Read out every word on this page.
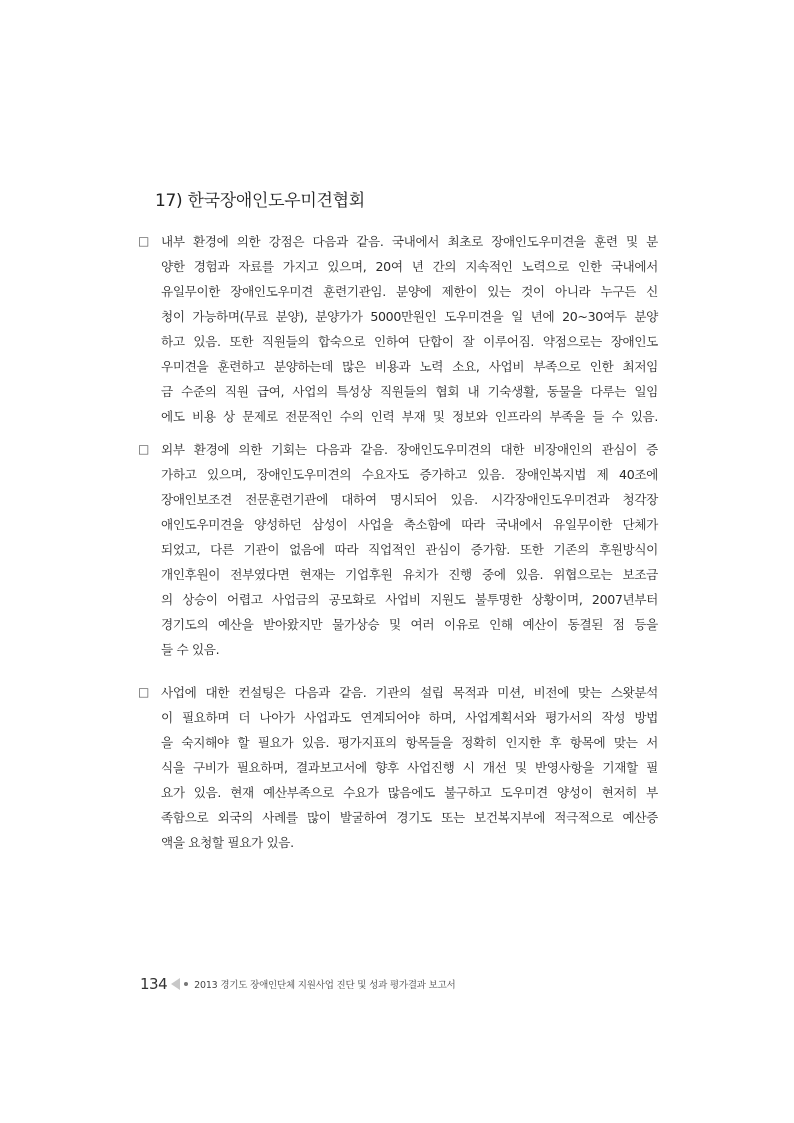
17) 한국장애인도우미견협회
□ 내부 환경에 의한 강점은 다음과 같음. 국내에서 최초로 장애인도우미견을 훈련 및 분
양한 경험과 자료를 가지고 있으며, 20여 년 간의 지속적인 노력으로 인한 국내에서
유일무이한 장애인도우미견 훈련기관임. 분양에 제한이 있는 것이 아니라 누구든 신
청이 가능하며(무료 분양), 분양가가 5000만원인 도우미견을 일 년에 20~30여두 분양
하고 있음. 또한 직원들의 합숙으로 인하여 단합이 잘 이루어짐. 약점으로는 장애인도
우미견을 훈련하고 분양하는데 많은 비용과 노력 소요, 사업비 부족으로 인한 최저임
금 수준의 직원 급여, 사업의 특성상 직원들의 협회 내 기숙생활, 동물을 다루는 일임
에도 비용 상 문제로 전문적인 수의 인력 부재 및 정보와 인프라의 부족을 들 수 있음.
□ 외부 환경에 의한 기회는 다음과 같음. 장애인도우미견의 대한 비장애인의 관심이 증
가하고 있으며, 장애인도우미견의 수요자도 증가하고 있음. 장애인복지법 제 40조에
장애인보조견 전문훈련기관에 대하여 명시되어 있음. 시각장애인도우미견과 청각장
애인도우미견을 양성하던 삼성이 사업을 축소함에 따라 국내에서 유일무이한 단체가
되었고, 다른 기관이 없음에 따라 직업적인 관심이 증가함. 또한 기존의 후원방식이
개인후원이 전부였다면 현재는 기업후원 유치가 진행 중에 있음. 위협으로는 보조금
의 상승이 어렵고 사업금의 공모화로 사업비 지원도 불투명한 상황이며, 2007년부터
경기도의 예산을 받아왔지만 물가상승 및 여러 이유로 인해 예산이 동결된 점 등을
들 수 있음.
□ 사업에 대한 컨설팅은 다음과 같음. 기관의 설립 목적과 미션, 비전에 맞는 스왓분석
이 필요하며 더 나아가 사업과도 연계되어야 하며, 사업계획서와 평가서의 작성 방법
을 숙지해야 할 필요가 있음. 평가지표의 항목들을 정확히 인지한 후 항목에 맞는 서
식을 구비가 필요하며, 결과보고서에 향후 사업진행 시 개선 및 반영사항을 기재할 필
요가 있음. 현재 예산부족으로 수요가 많음에도 불구하고 도우미견 양성이 현저히 부
족함으로 외국의 사례를 많이 발굴하여 경기도 또는 보건복지부에 적극적으로 예산증
액을 요청할 필요가 있음.
134	2013 경기도 장애인단체 지원사업 진단 및 성과 평가결과 보고서
